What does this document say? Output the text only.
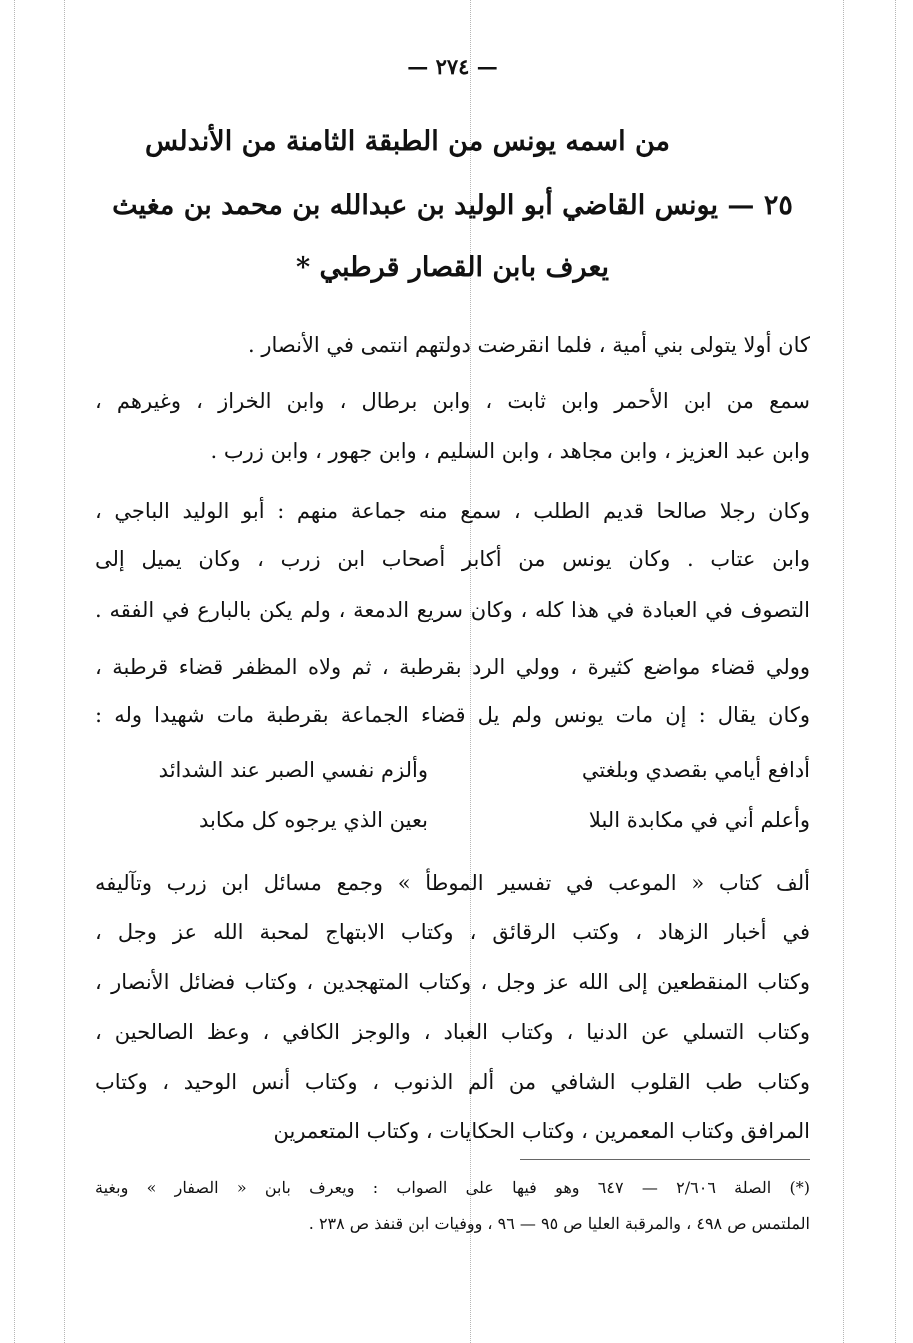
— ٢٧٤ —
من اسمه يونس من الطبقة الثامنة من الأندلس
٢٥ — يونس القاضي أبو الوليد بن عبدالله بن محمد بن مغيث
يعرف بابن القصار قرطبي *
كان أولا يتولى بني أمية ، فلما انقرضت دولتهم انتمى في الأنصار .
سمع من ابن الأحمر وابن ثابت ، وابن برطال ، وابن الخراز ، وغيرهم ،
وابن عبد العزيز ، وابن مجاهد ، وابن السليم ، وابن جهور ، وابن زرب .
وكان رجلا صالحا قديم الطلب ، سمع منه جماعة منهم : أبو الوليد الباجي ،
وابن عتاب . وكان يونس من أكابر أصحاب ابن زرب ، وكان يميل إلى
التصوف في العبادة في هذا كله ، وكان سريع الدمعة ، ولم يكن بالبارع في الفقه .
وولي قضاء مواضع كثيرة ، وولي الرد بقرطبة ، ثم ولاه المظفر قضاء قرطبة ،
وكان يقال : إن مات يونس ولم يل قضاء الجماعة بقرطبة مات شهيدا وله :
أدافع أيامي بقصدي وبلغتي
وألزم نفسي الصبر عند الشدائد
وأعلم أني في مكابدة البلا
بعين الذي يرجوه كل مكابد
ألف كتاب « الموعب في تفسير الموطأ » وجمع مسائل ابن زرب وتآليفه
في أخبار الزهاد ، وكتب الرقائق ، وكتاب الابتهاج لمحبة الله عز وجل ،
وكتاب المنقطعين إلى الله عز وجل ، وكتاب المتهجدين ، وكتاب فضائل الأنصار ،
وكتاب التسلي عن الدنيا ، وكتاب العباد ، والوجز الكافي ، وعظ الصالحين ،
وكتاب طب القلوب الشافي من ألم الذنوب ، وكتاب أنس الوحيد ، وكتاب
المرافق وكتاب المعمرين ، وكتاب الحكايات ، وكتاب المتعمرين
(*) الصلة ٢/٦٠٦ — ٦٤٧ وهو فيها على الصواب : ويعرف بابن « الصفار » وبغية
الملتمس ص ٤٩٨ ، والمرقبة العليا ص ٩٥ — ٩٦ ، ووفيات ابن قنفذ ص ٢٣٨ .
